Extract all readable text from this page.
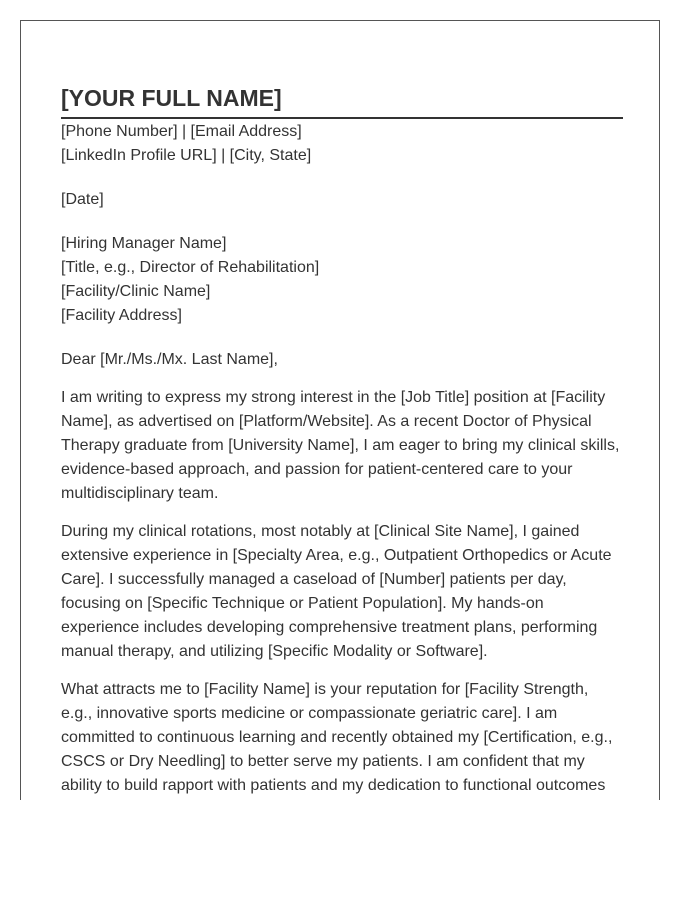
[YOUR FULL NAME]
[Phone Number] | [Email Address]
[LinkedIn Profile URL] | [City, State]
[Date]
[Hiring Manager Name]
[Title, e.g., Director of Rehabilitation]
[Facility/Clinic Name]
[Facility Address]
Dear [Mr./Ms./Mx. Last Name],
I am writing to express my strong interest in the [Job Title] position at [Facility
Name], as advertised on [Platform/Website]. As a recent Doctor of Physical
Therapy graduate from [University Name], I am eager to bring my clinical skills,
evidence-based approach, and passion for patient-centered care to your
multidisciplinary team.
During my clinical rotations, most notably at [Clinical Site Name], I gained
extensive experience in [Specialty Area, e.g., Outpatient Orthopedics or Acute
Care]. I successfully managed a caseload of [Number] patients per day,
focusing on [Specific Technique or Patient Population]. My hands-on
experience includes developing comprehensive treatment plans, performing
manual therapy, and utilizing [Specific Modality or Software].
What attracts me to [Facility Name] is your reputation for [Facility Strength,
e.g., innovative sports medicine or compassionate geriatric care]. I am
committed to continuous learning and recently obtained my [Certification, e.g.,
CSCS or Dry Needling] to better serve my patients. I am confident that my
ability to build rapport with patients and my dedication to functional outcomes
